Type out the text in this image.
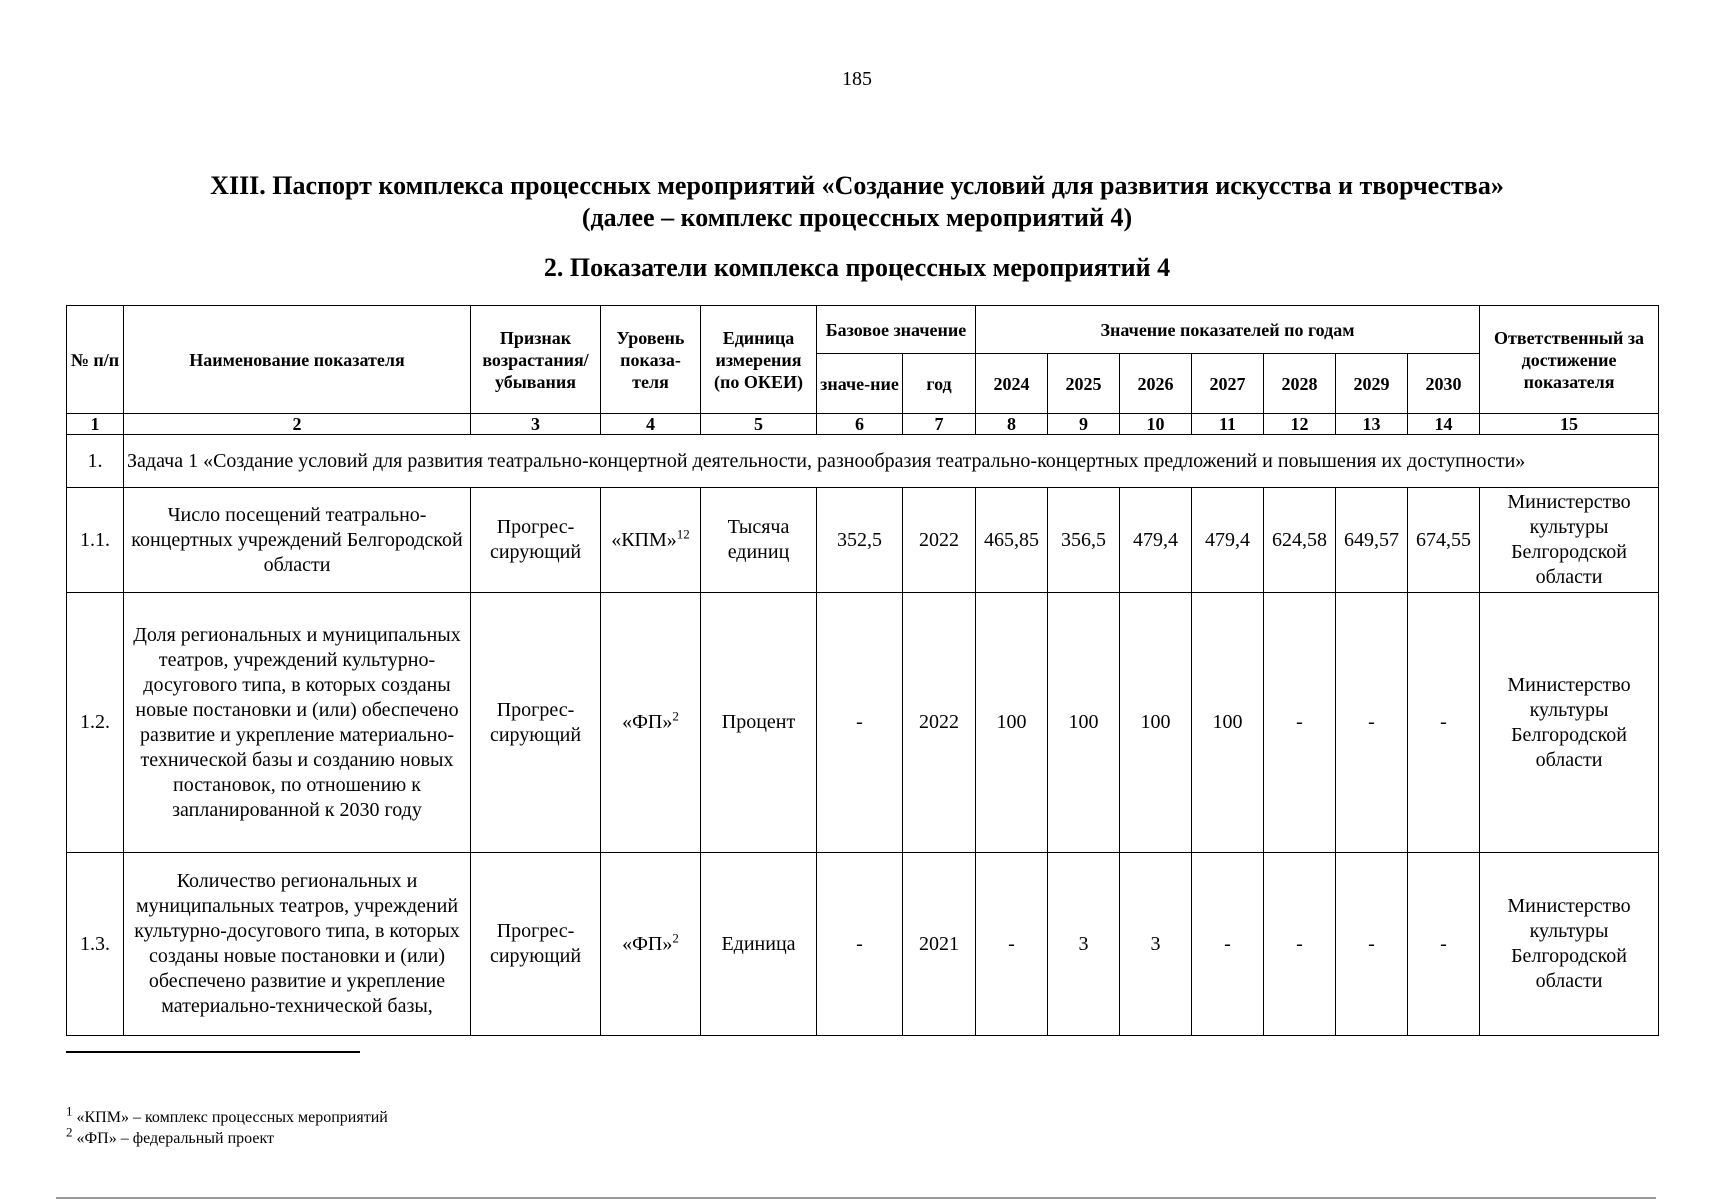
185
XIII. Паспорт комплекса процессных мероприятий «Создание условий для развития искусства и творчества»
(далее – комплекс процессных мероприятий 4)
2. Показатели комплекса процессных мероприятий 4
№ п/п	Наименование показателя	Признак возрастания/ убывания	Уровень показа-теля	Единица измерения (по ОКЕИ)	Базовое значение		Значение показателей по годам							Ответственный за достижение показателя
					значе-ние	год	2024	2025	2026	2027	2028	2029	2030	
1	2	3	4	5	6	7	8	9	10	11	12	13	14	15
1.	Задача 1 «Создание условий для развития театрально-концертной деятельности, разнообразия театрально-концертных предложений и повышения их доступности»													
1.1.	Число посещений театрально-концертных учреждений Белгородской области	Прогрес-сирующий	«КПМ»$^{12}$	Тысяча единиц	352,5	2022	465,85	356,5	479,4	479,4	624,58	649,57	674,55	Министерство культуры Белгородской области
1.2.	Доля региональных и муниципальных театров, учреждений культурно-досугового типа, в которых созданы новые постановки и (или) обеспечено развитие и укрепление материально-технической базы и созданию новых постановок, по отношению к запланированной к 2030 году	Прогрес-сирующий	«ФП»$^2$	Процент	-	2022	100	100	100	100	-	-	-	Министерство культуры Белгородской области
1.3.	Количество региональных и муниципальных театров, учреждений культурно-досугового типа, в которых созданы новые постановки и (или) обеспечено развитие и укрепление материально-технической базы,	Прогрес-сирующий	«ФП»$^2$	Единица	-	2021	-	3	3	-	-	-	-	Министерство культуры Белгородской области
$^1$ «КПМ» – комплекс процессных мероприятий
$^2$ «ФП» – федеральный проект
